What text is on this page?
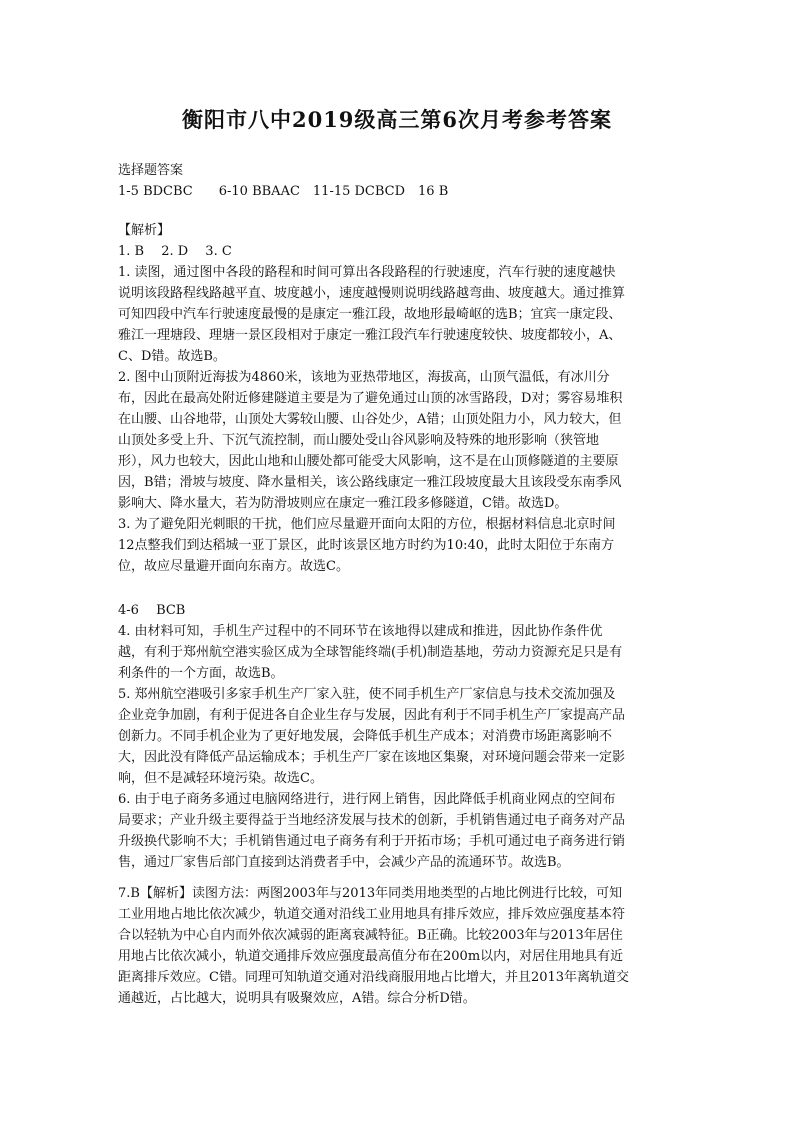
衡阳市八中2019级高三第6次月考参考答案
选择题答案
1-5 BDCBC　　6-10 BBAAC　11-15 DCBCD　16 B
【解析】
1. B　 2. D　 3. C
1. 读图，通过图中各段的路程和时间可算出各段路程的行驶速度，汽车行驶的速度越快
说明该段路程线路越平直、坡度越小，速度越慢则说明线路越弯曲、坡度越大。通过推算
可知四段中汽车行驶速度最慢的是康定一雅江段，故地形最崎岖的选B；宜宾一康定段、
雅江一理塘段、理塘一景区段相对于康定一雅江段汽车行驶速度较快、坡度都较小，A、
C、D错。故选B。
2. 图中山顶附近海拔为4860米，该地为亚热带地区，海拔高，山顶气温低，有冰川分
布，因此在最高处附近修建隧道主要是为了避免通过山顶的冰雪路段，D对；雾容易堆积
在山腰、山谷地带，山顶处大雾较山腰、山谷处少，A错；山顶处阻力小，风力较大，但
山顶处多受上升、下沉气流控制，而山腰处受山谷风影响及特殊的地形影响（狭管地
形），风力也较大，因此山地和山腰处都可能受大风影响，这不是在山顶修隧道的主要原
因，B错；滑坡与坡度、降水量相关，该公路线康定一雅江段坡度最大且该段受东南季风
影响大、降水量大，若为防滑坡则应在康定一雅江段多修隧道，C错。故选D。
3. 为了避免阳光刺眼的干扰，他们应尽量避开面向太阳的方位，根据材料信息北京时间
12点整我们到达稻城一亚丁景区，此时该景区地方时约为10:40，此时太阳位于东南方
位，故应尽量避开面向东南方。故选C。
4-6　 BCB
4. 由材料可知，手机生产过程中的不同环节在该地得以建成和推进，因此协作条件优
越，有利于郑州航空港实验区成为全球智能终端(手机)制造基地，劳动力资源充足只是有
利条件的一个方面，故选B。
5. 郑州航空港吸引多家手机生产厂家入驻，使不同手机生产厂家信息与技术交流加强及
企业竞争加剧，有利于促进各自企业生存与发展，因此有利于不同手机生产厂家提高产品
创新力。不同手机企业为了更好地发展，会降低手机生产成本；对消费市场距离影响不
大，因此没有降低产品运输成本；手机生产厂家在该地区集聚，对环境问题会带来一定影
响，但不是减轻环境污染。故选C。
6. 由于电子商务多通过电脑网络进行，进行网上销售，因此降低手机商业网点的空间布
局要求；产业升级主要得益于当地经济发展与技术的创新，手机销售通过电子商务对产品
升级换代影响不大；手机销售通过电子商务有利于开拓市场；手机可通过电子商务进行销
售，通过厂家售后部门直接到达消费者手中，会减少产品的流通环节。故选B。
7.B【解析】读图方法：两图2003年与2013年同类用地类型的占地比例进行比较，可知
工业用地占地比依次减少，轨道交通对沿线工业用地具有排斥效应，排斥效应强度基本符
合以轻轨为中心自内而外依次减弱的距离衰减特征。B正确。比较2003年与2013年居住
用地占比依次减小，轨道交通排斥效应强度最高值分布在200m以内，对居住用地具有近
距离排斥效应。C错。同理可知轨道交通对沿线商服用地占比增大，并且2013年离轨道交
通越近，占比越大，说明具有吸聚效应，A错。综合分析D错。
